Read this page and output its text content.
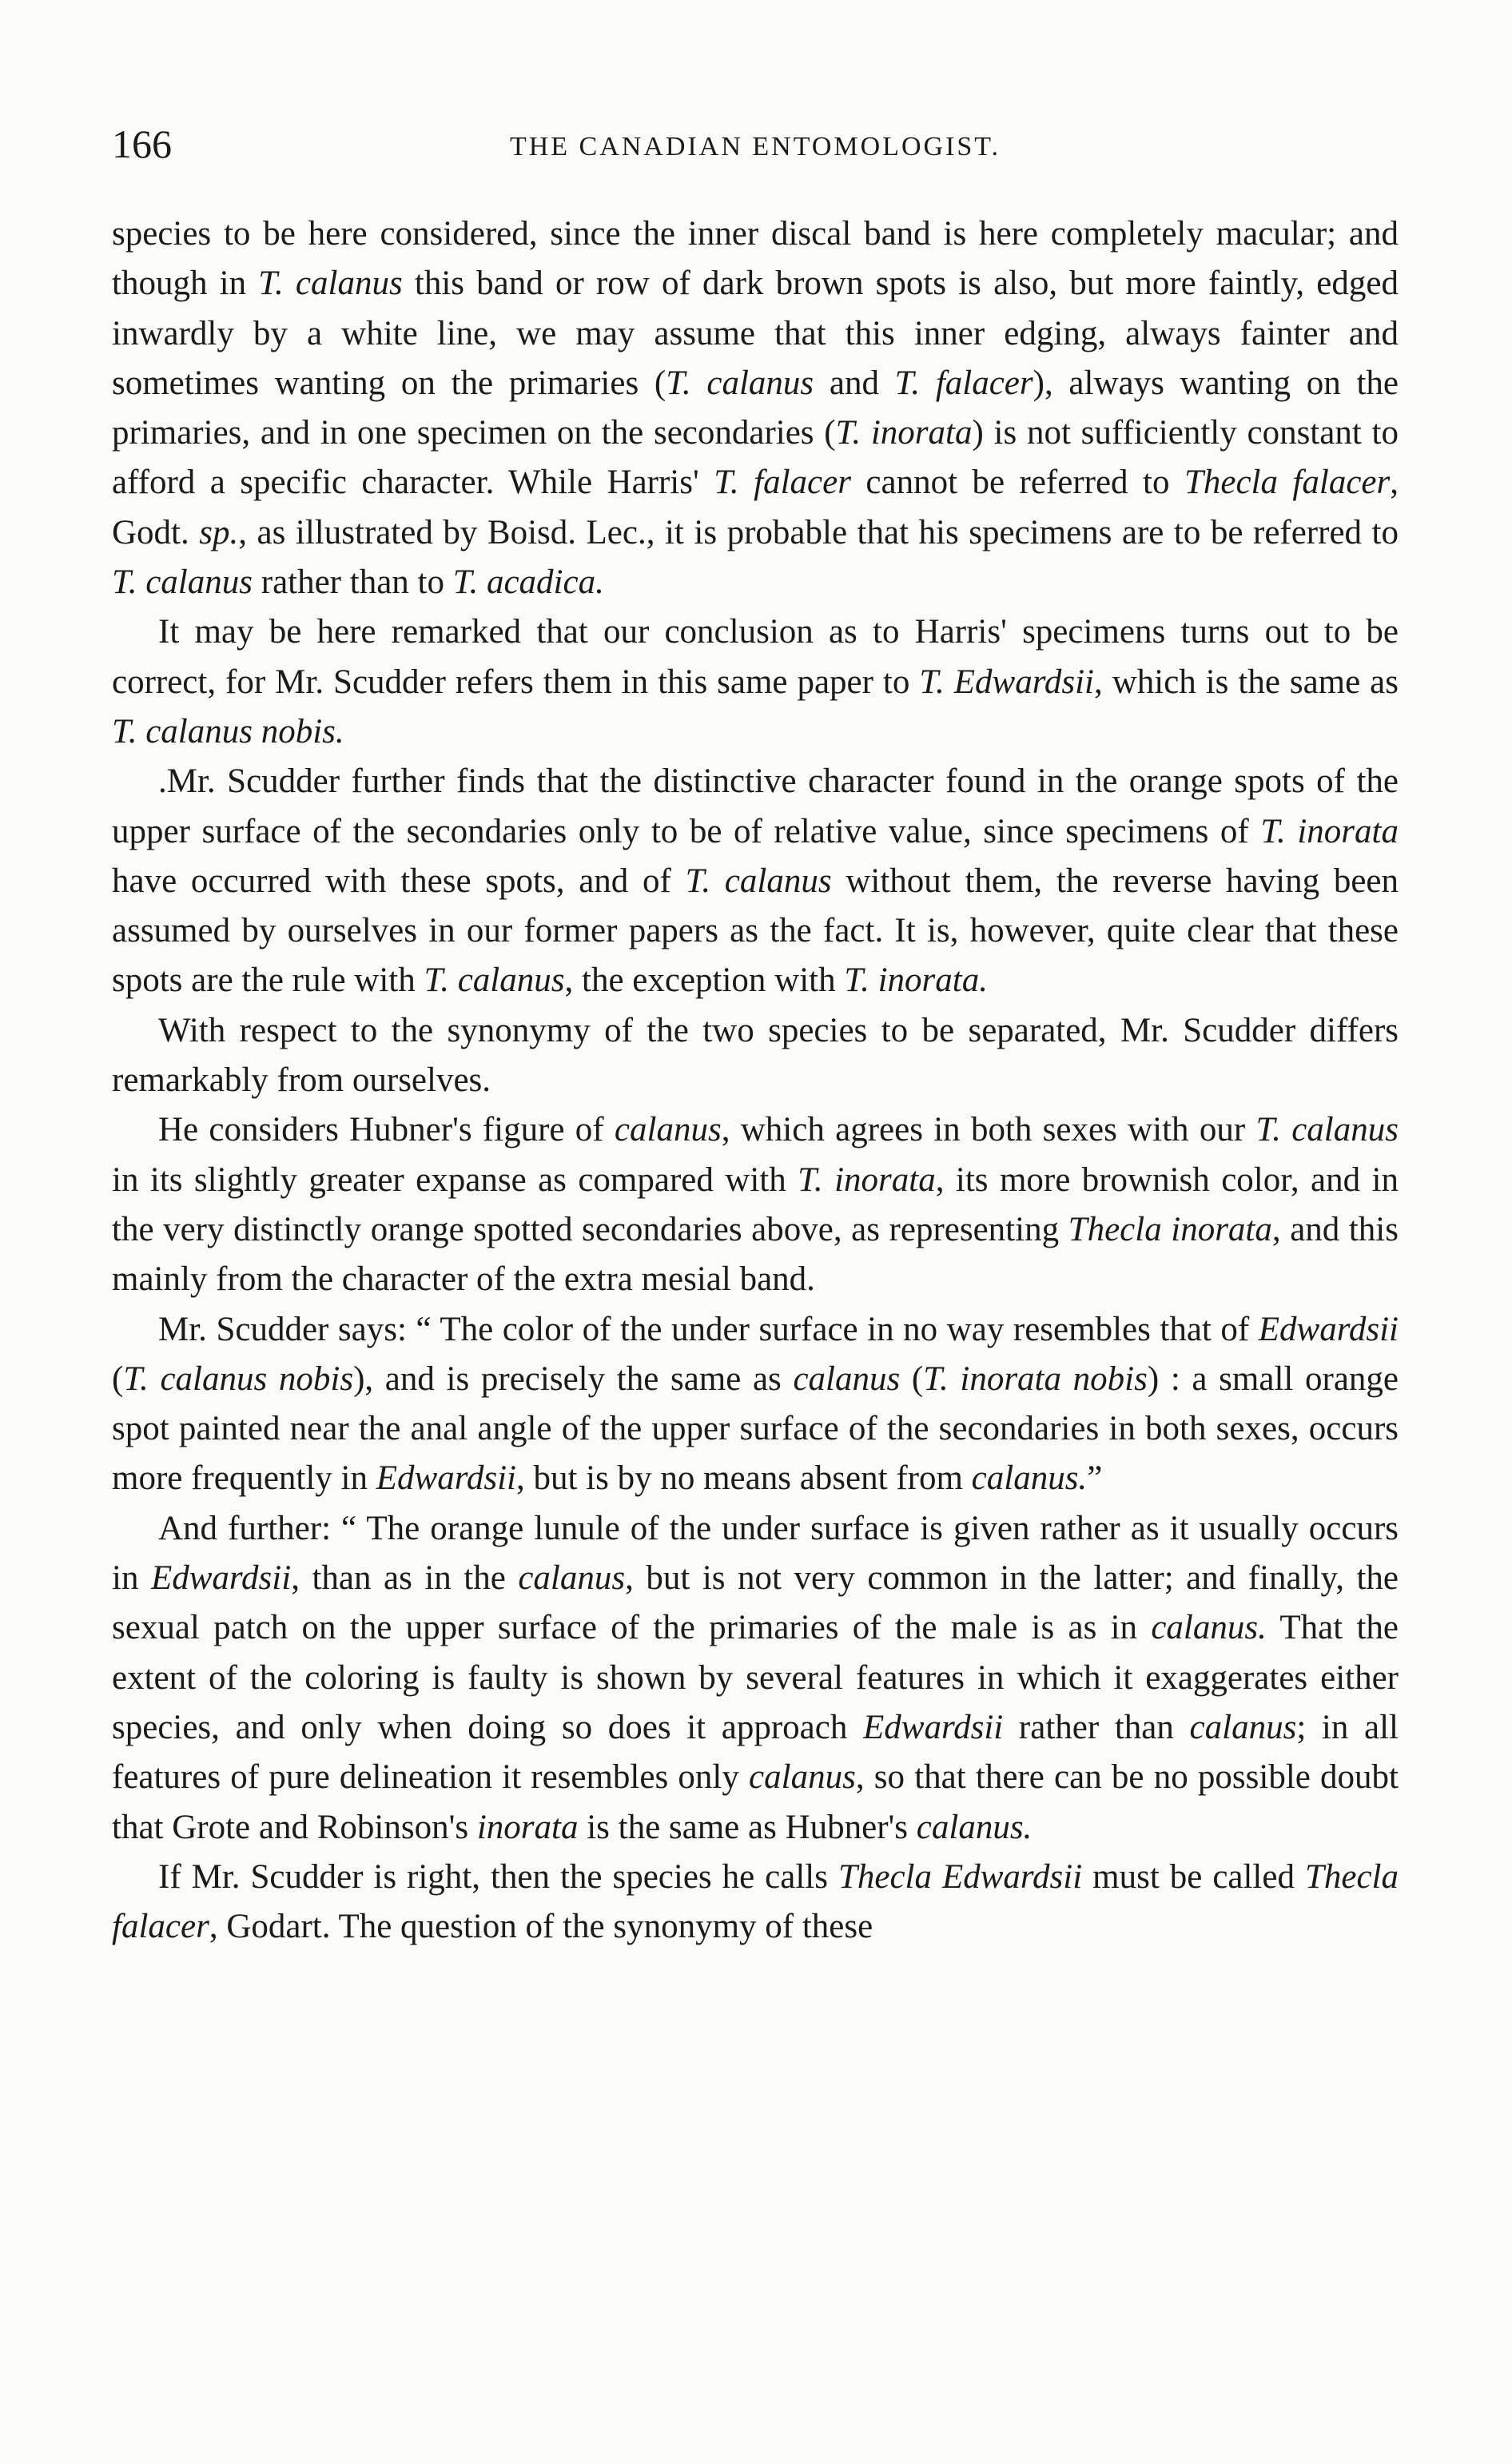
166	THE CANADIAN ENTOMOLOGIST.

species to be here considered, since the inner discal band is here completely macular; and though in T. calanus this band or row of dark brown spots is also, but more faintly, edged inwardly by a white line, we may assume that this inner edging, always fainter and sometimes wanting on the primaries (T. calanus and T. falacer), always wanting on the primaries, and in one specimen on the secondaries (T. inorata) is not sufficiently constant to afford a specific character. While Harris' T. falacer cannot be referred to Thecla falacer, Godt. sp., as illustrated by Boisd. Lec., it is probable that his specimens are to be referred to T. calanus rather than to T. acadica.

It may be here remarked that our conclusion as to Harris' specimens turns out to be correct, for Mr. Scudder refers them in this same paper to T. Edwardsii, which is the same as T. calanus nobis.

.Mr. Scudder further finds that the distinctive character found in the orange spots of the upper surface of the secondaries only to be of relative value, since specimens of T. inorata have occurred with these spots, and of T. calanus without them, the reverse having been assumed by ourselves in our former papers as the fact. It is, however, quite clear that these spots are the rule with T. calanus, the exception with T. inorata.

With respect to the synonymy of the two species to be separated, Mr. Scudder differs remarkably from ourselves.

He considers Hubner's figure of calanus, which agrees in both sexes with our T. calanus in its slightly greater expanse as compared with T. inorata, its more brownish color, and in the very distinctly orange spotted secondaries above, as representing Thecla inorata, and this mainly from the character of the extra mesial band.

Mr. Scudder says: “ The color of the under surface in no way resembles that of Edwardsii (T. calanus nobis), and is precisely the same as calanus (T. inorata nobis) : a small orange spot painted near the anal angle of the upper surface of the secondaries in both sexes, occurs more frequently in Edwardsii, but is by no means absent from calanus.”

And further: “ The orange lunule of the under surface is given rather as it usually occurs in Edwardsii, than as in the calanus, but is not very common in the latter; and finally, the sexual patch on the upper surface of the primaries of the male is as in calanus. That the extent of the coloring is faulty is shown by several features in which it exaggerates either species, and only when doing so does it approach Edwardsii rather than calanus; in all features of pure delineation it resembles only calanus, so that there can be no possible doubt that Grote and Robinson's inorata is the same as Hubner's calanus.

If Mr. Scudder is right, then the species he calls Thecla Edwardsii must be called Thecla falacer, Godart. The question of the synonymy of these
